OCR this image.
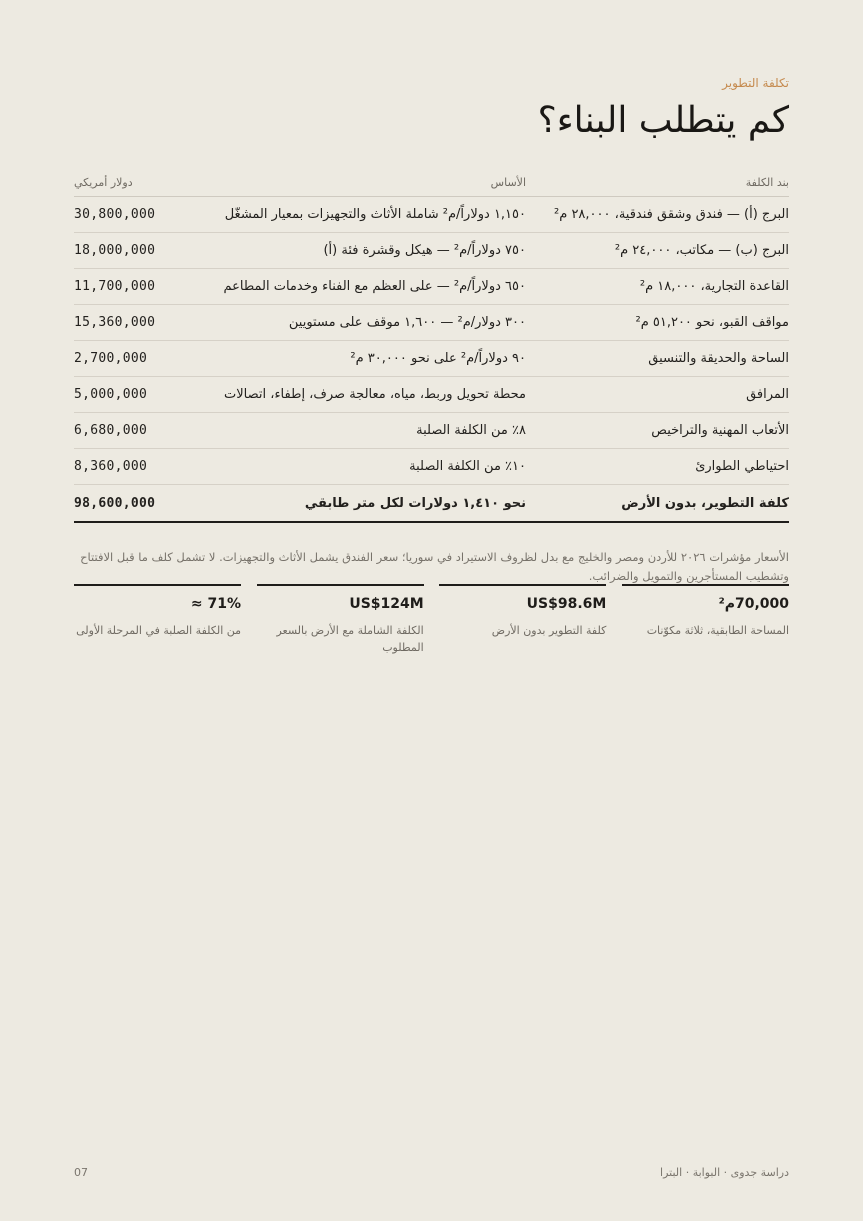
تكلفة التطوير
كم يتطلب البناء؟
بند الكلفة	الأساس	دولار أمريكي
البرج (أ) — فندق وشقق فندقية، ٢٨,٠٠٠ م²	١,١٥٠ دولاراً/م² شاملة الأثاث والتجهيزات بمعيار المشغّل	30,800,000
البرج (ب) — مكاتب، ٢٤,٠٠٠ م²	٧٥٠ دولاراً/م² — هيكل وقشرة فئة (أ)	18,000,000
القاعدة التجارية، ١٨,٠٠٠ م²	٦٥٠ دولاراً/م² — على العظم مع الفناء وخدمات المطاعم	11,700,000
مواقف القبو، نحو ٥١,٢٠٠ م²	٣٠٠ دولار/م² — ١,٦٠٠ موقف على مستويين	15,360,000
الساحة والحديقة والتنسيق	٩٠ دولاراً/م² على نحو ٣٠,٠٠٠ م²	2,700,000
المرافق	محطة تحويل وربط، مياه، معالجة صرف، إطفاء، اتصالات	5,000,000
الأتعاب المهنية والتراخيص	٨٪ من الكلفة الصلبة	6,680,000
احتياطي الطوارئ	١٠٪ من الكلفة الصلبة	8,360,000
كلفة التطوير، بدون الأرض	نحو ١,٤١٠ دولارات لكل متر طابقي	98,600,000

الأسعار مؤشرات ٢٠٢٦ للأردن ومصر والخليج مع بدل لظروف الاستيراد في سوريا؛ سعر الفندق يشمل الأثاث والتجهيزات. لا تشمل كلف ما قبل الافتتاح وتشطيب المستأجرين والتمويل والضرائب.

70,000م²
المساحة الطابقية، ثلاثة مكوّنات
US$98.6M
كلفة التطوير بدون الأرض
US$124M
الكلفة الشاملة مع الأرض بالسعر المطلوب
≈ 71%
من الكلفة الصلبة في المرحلة الأولى
دراسة جدوى · البوابة · البترا
07
